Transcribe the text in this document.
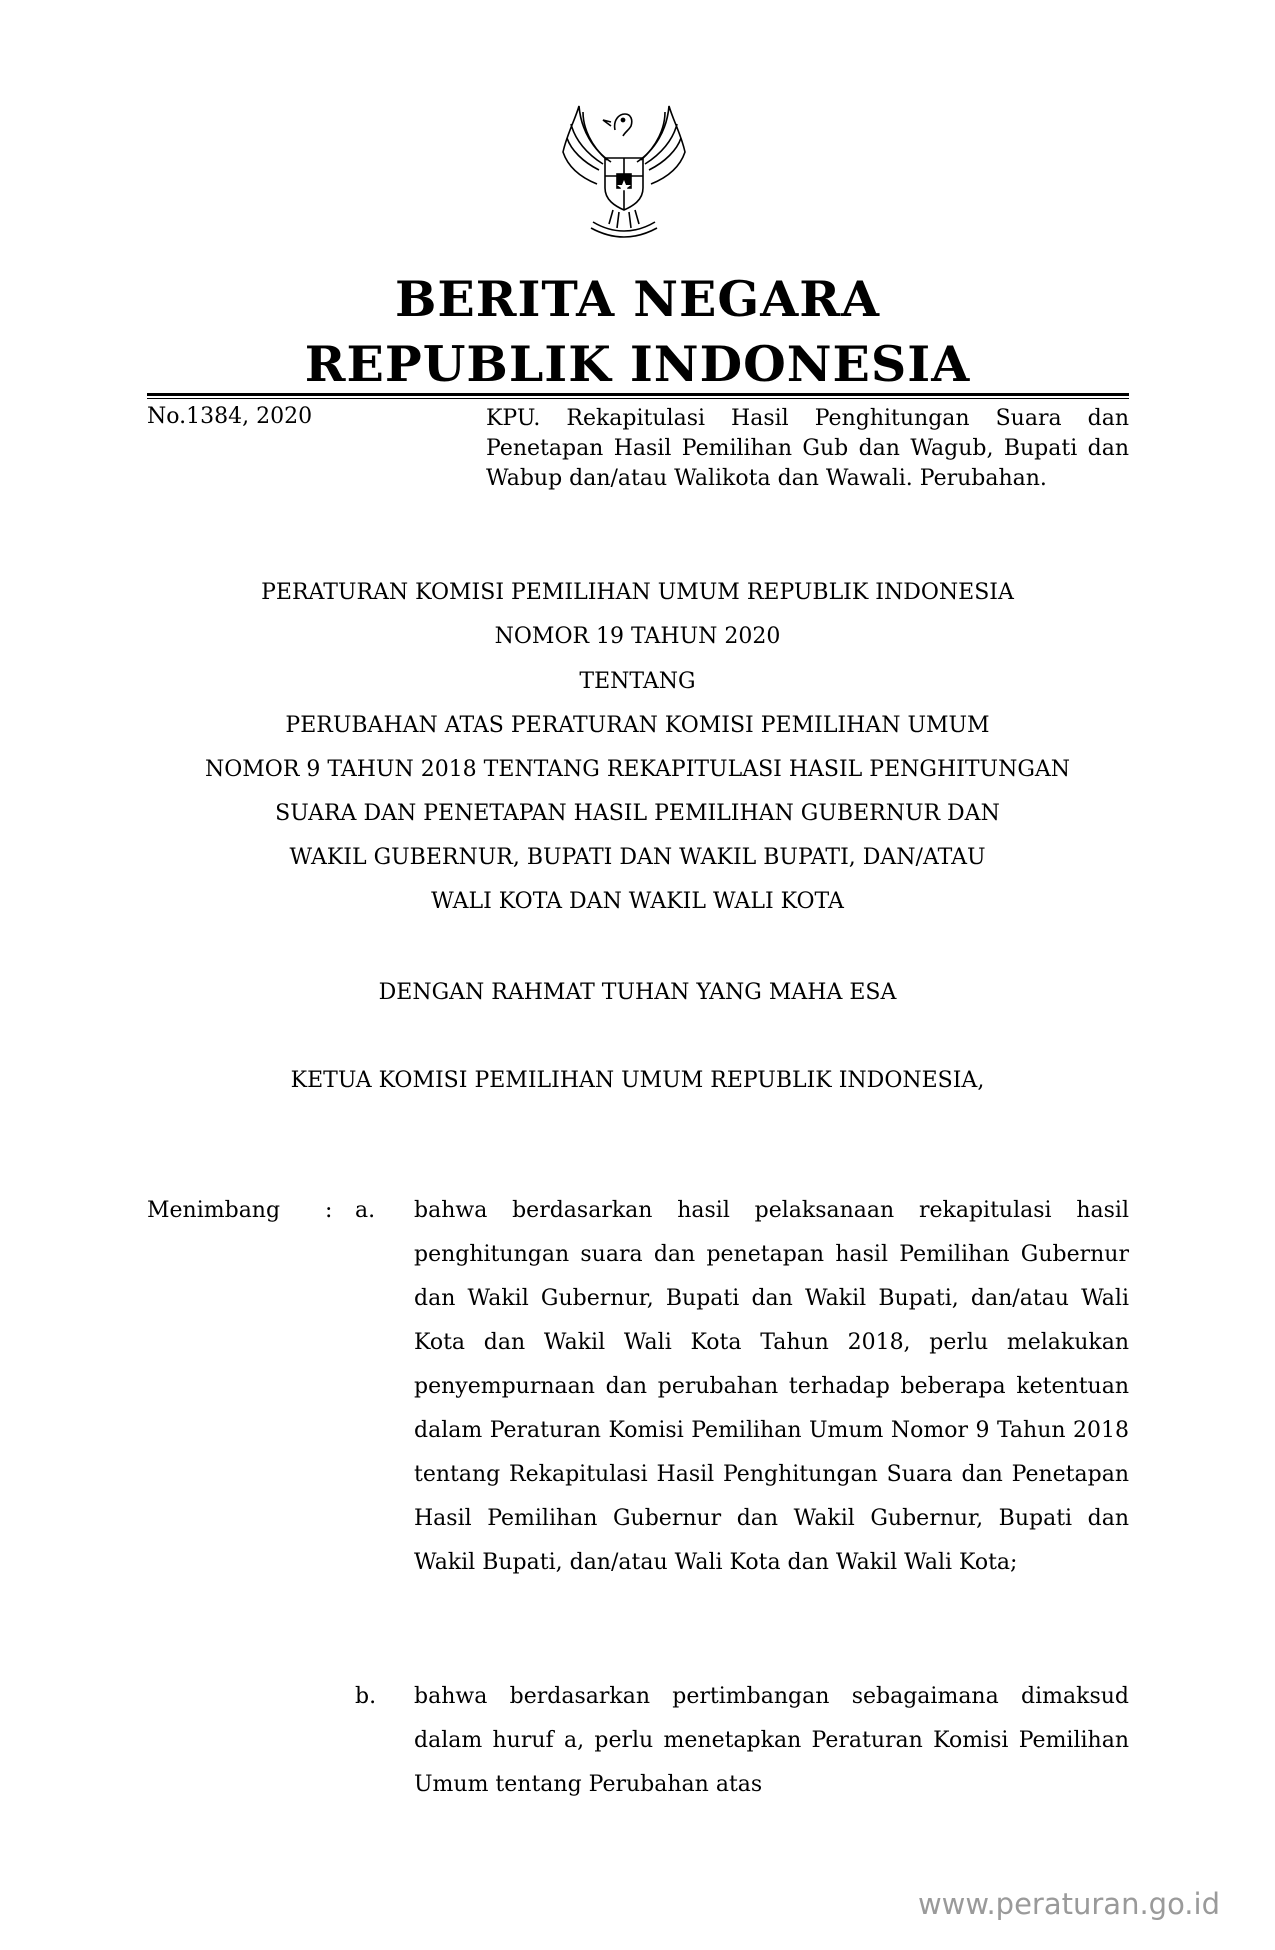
BERITA NEGARA
REPUBLIK INDONESIA
No.1384, 2020	KPU. Rekapitulasi Hasil Penghitungan Suara dan Penetapan Hasil Pemilihan Gub dan Wagub, Bupati dan Wabup dan/atau Walikota dan Wawali. Perubahan.

PERATURAN KOMISI PEMILIHAN UMUM REPUBLIK INDONESIA
NOMOR 19 TAHUN 2020
TENTANG
PERUBAHAN ATAS PERATURAN KOMISI PEMILIHAN UMUM
NOMOR 9 TAHUN 2018 TENTANG REKAPITULASI HASIL PENGHITUNGAN
SUARA DAN PENETAPAN HASIL PEMILIHAN GUBERNUR DAN
WAKIL GUBERNUR, BUPATI DAN WAKIL BUPATI, DAN/ATAU
WALI KOTA DAN WAKIL WALI KOTA
DENGAN RAHMAT TUHAN YANG MAHA ESA
KETUA KOMISI PEMILIHAN UMUM REPUBLIK INDONESIA,
Menimbang : a. bahwa berdasarkan hasil pelaksanaan rekapitulasi hasil penghitungan suara dan penetapan hasil Pemilihan Gubernur dan Wakil Gubernur, Bupati dan Wakil Bupati, dan/atau Wali Kota dan Wakil Wali Kota Tahun 2018, perlu melakukan penyempurnaan dan perubahan terhadap beberapa ketentuan dalam Peraturan Komisi Pemilihan Umum Nomor 9 Tahun 2018 tentang Rekapitulasi Hasil Penghitungan Suara dan Penetapan Hasil Pemilihan Gubernur dan Wakil Gubernur, Bupati dan Wakil Bupati, dan/atau Wali Kota dan Wakil Wali Kota;

b. bahwa berdasarkan pertimbangan sebagaimana dimaksud dalam huruf a, perlu menetapkan Peraturan Komisi Pemilihan Umum tentang Perubahan atas

www.peraturan.go.id
